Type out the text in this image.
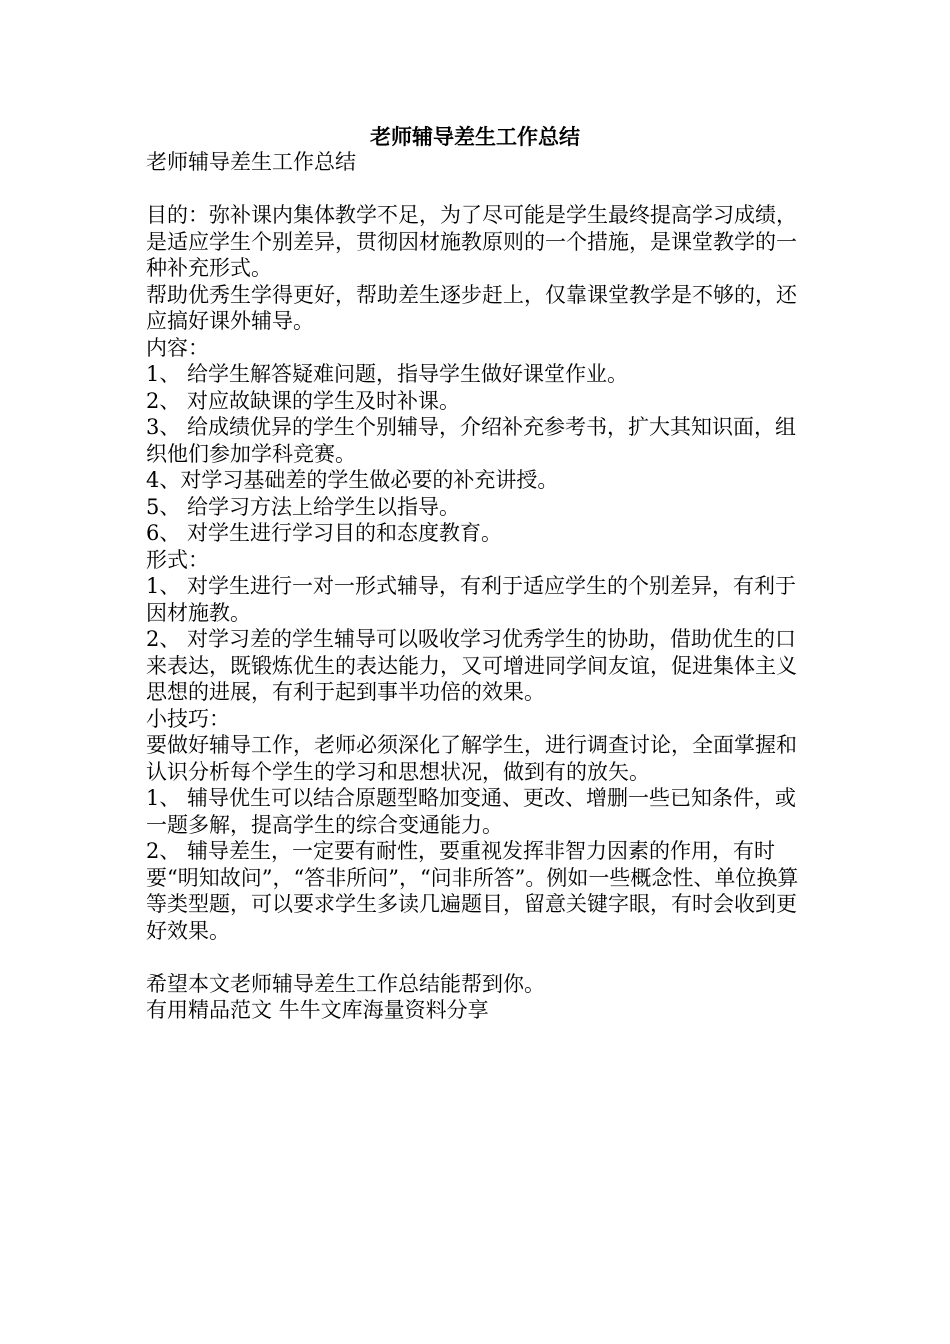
老师辅导差生工作总结

老师辅导差生工作总结

目的：弥补课内集体教学不足，为了尽可能是学生最终提高学习成绩，是适应学生个别差异，贯彻因材施教原则的一个措施，是课堂教学的一种补充形式。

帮助优秀生学得更好，帮助差生逐步赶上，仅靠课堂教学是不够的，还应搞好课外辅导。

内容：

1、 给学生解答疑难问题，指导学生做好课堂作业。

2、 对应故缺课的学生及时补课。

3、 给成绩优异的学生个别辅导，介绍补充参考书，扩大其知识面，组织他们参加学科竞赛。

4、对学习基础差的学生做必要的补充讲授。

5、 给学习方法上给学生以指导。

6、 对学生进行学习目的和态度教育。

形式：

1、 对学生进行一对一形式辅导，有利于适应学生的个别差异，有利于因材施教。

2、 对学习差的学生辅导可以吸收学习优秀学生的协助，借助优生的口来表达，既锻炼优生的表达能力，又可增进同学间友谊，促进集体主义思想的进展，有利于起到事半功倍的效果。

小技巧：

要做好辅导工作，老师必须深化了解学生，进行调查讨论，全面掌握和认识分析每个学生的学习和思想状况，做到有的放矢。

1、 辅导优生可以结合原题型略加变通、更改、增删一些已知条件，或一题多解，提高学生的综合变通能力。

2、 辅导差生，一定要有耐性，要重视发挥非智力因素的作用，有时要“明知故问”，“答非所问”，“问非所答”。例如一些概念性、单位换算等类型题，可以要求学生多读几遍题目，留意关键字眼，有时会收到更好效果。

希望本文老师辅导差生工作总结能帮到你。

有用精品范文 牛牛文库海量资料分享
